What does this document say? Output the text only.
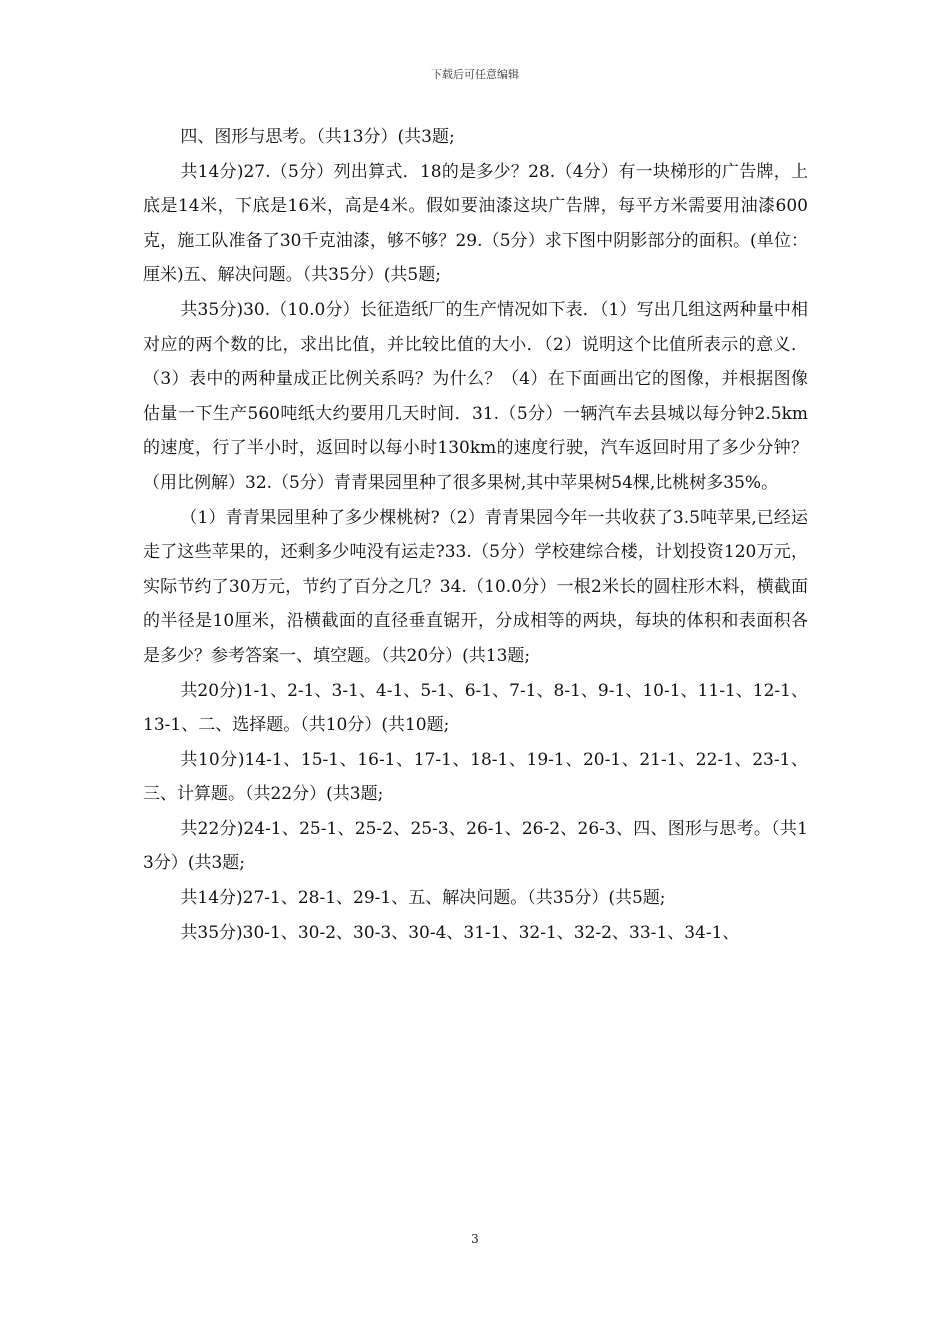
下载后可任意编辑

四、图形与思考。（共13分）(共3题;

共14分)27.（5分）列出算式．18的是多少？28.（4分）有一块梯形的广告牌，上底是14米，下底是16米，高是4米。假如要油漆这块广告牌，每平方米需要用油漆600克，施工队准备了30千克油漆，够不够？29.（5分）求下图中阴影部分的面积。(单位：厘米)五、解决问题。（共35分）(共5题;

共35分)30.（10.0分）长征造纸厂的生产情况如下表．（1）写出几组这两种量中相对应的两个数的比，求出比值，并比较比值的大小．（2）说明这个比值所表示的意义．（3）表中的两种量成正比例关系吗？为什么？（4）在下面画出它的图像，并根据图像估量一下生产560吨纸大约要用几天时间．31.（5分）一辆汽车去县城以每分钟2.5km的速度，行了半小时，返回时以每小时130km的速度行驶，汽车返回时用了多少分钟？（用比例解）32.（5分）青青果园里种了很多果树,其中苹果树54棵,比桃树多35%。

（1）青青果园里种了多少棵桃树?（2）青青果园今年一共收获了3.5吨苹果,已经运走了这些苹果的，还剩多少吨没有运走?33.（5分）学校建综合楼，计划投资120万元，实际节约了30万元，节约了百分之几？34.（10.0分）一根2米长的圆柱形木料，横截面的半径是10厘米，沿横截面的直径垂直锯开，分成相等的两块，每块的体积和表面积各是多少？参考答案一、填空题。（共20分）(共13题;

共20分)1-1、2-1、3-1、4-1、5-1、6-1、7-1、8-1、9-1、10-1、11-1、12-1、13-1、二、选择题。（共10分）(共10题;

共10分)14-1、15-1、16-1、17-1、18-1、19-1、20-1、21-1、22-1、23-1、三、计算题。（共22分）(共3题;

共22分)24-1、25-1、25-2、25-3、26-1、26-2、26-3、四、图形与思考。（共13分）(共3题;

共14分)27-1、28-1、29-1、五、解决问题。（共35分）(共5题;

共35分)30-1、30-2、30-3、30-4、31-1、32-1、32-2、33-1、34-1、

3
